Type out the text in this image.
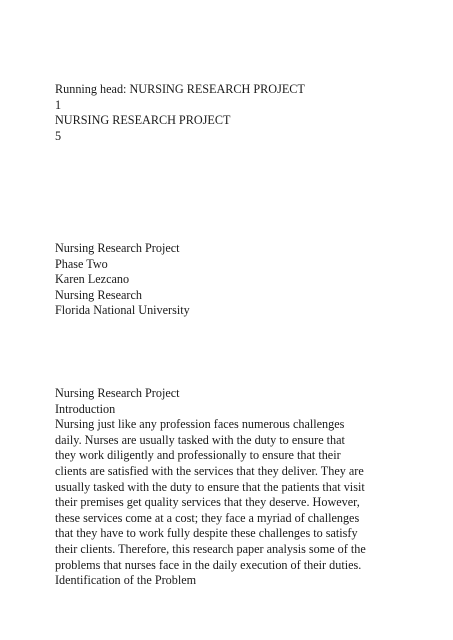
Running head: NURSING RESEARCH PROJECT
1
NURSING RESEARCH PROJECT
5
Nursing Research Project
Phase Two
Karen Lezcano
Nursing Research
Florida National University
Nursing Research Project
Introduction
Nursing just like any profession faces numerous challenges
daily. Nurses are usually tasked with the duty to ensure that
they work diligently and professionally to ensure that their
clients are satisfied with the services that they deliver. They are
usually tasked with the duty to ensure that the patients that visit
their premises get quality services that they deserve. However,
these services come at a cost; they face a myriad of challenges
that they have to work fully despite these challenges to satisfy
their clients. Therefore, this research paper analysis some of the
problems that nurses face in the daily execution of their duties.
Identification of the Problem
